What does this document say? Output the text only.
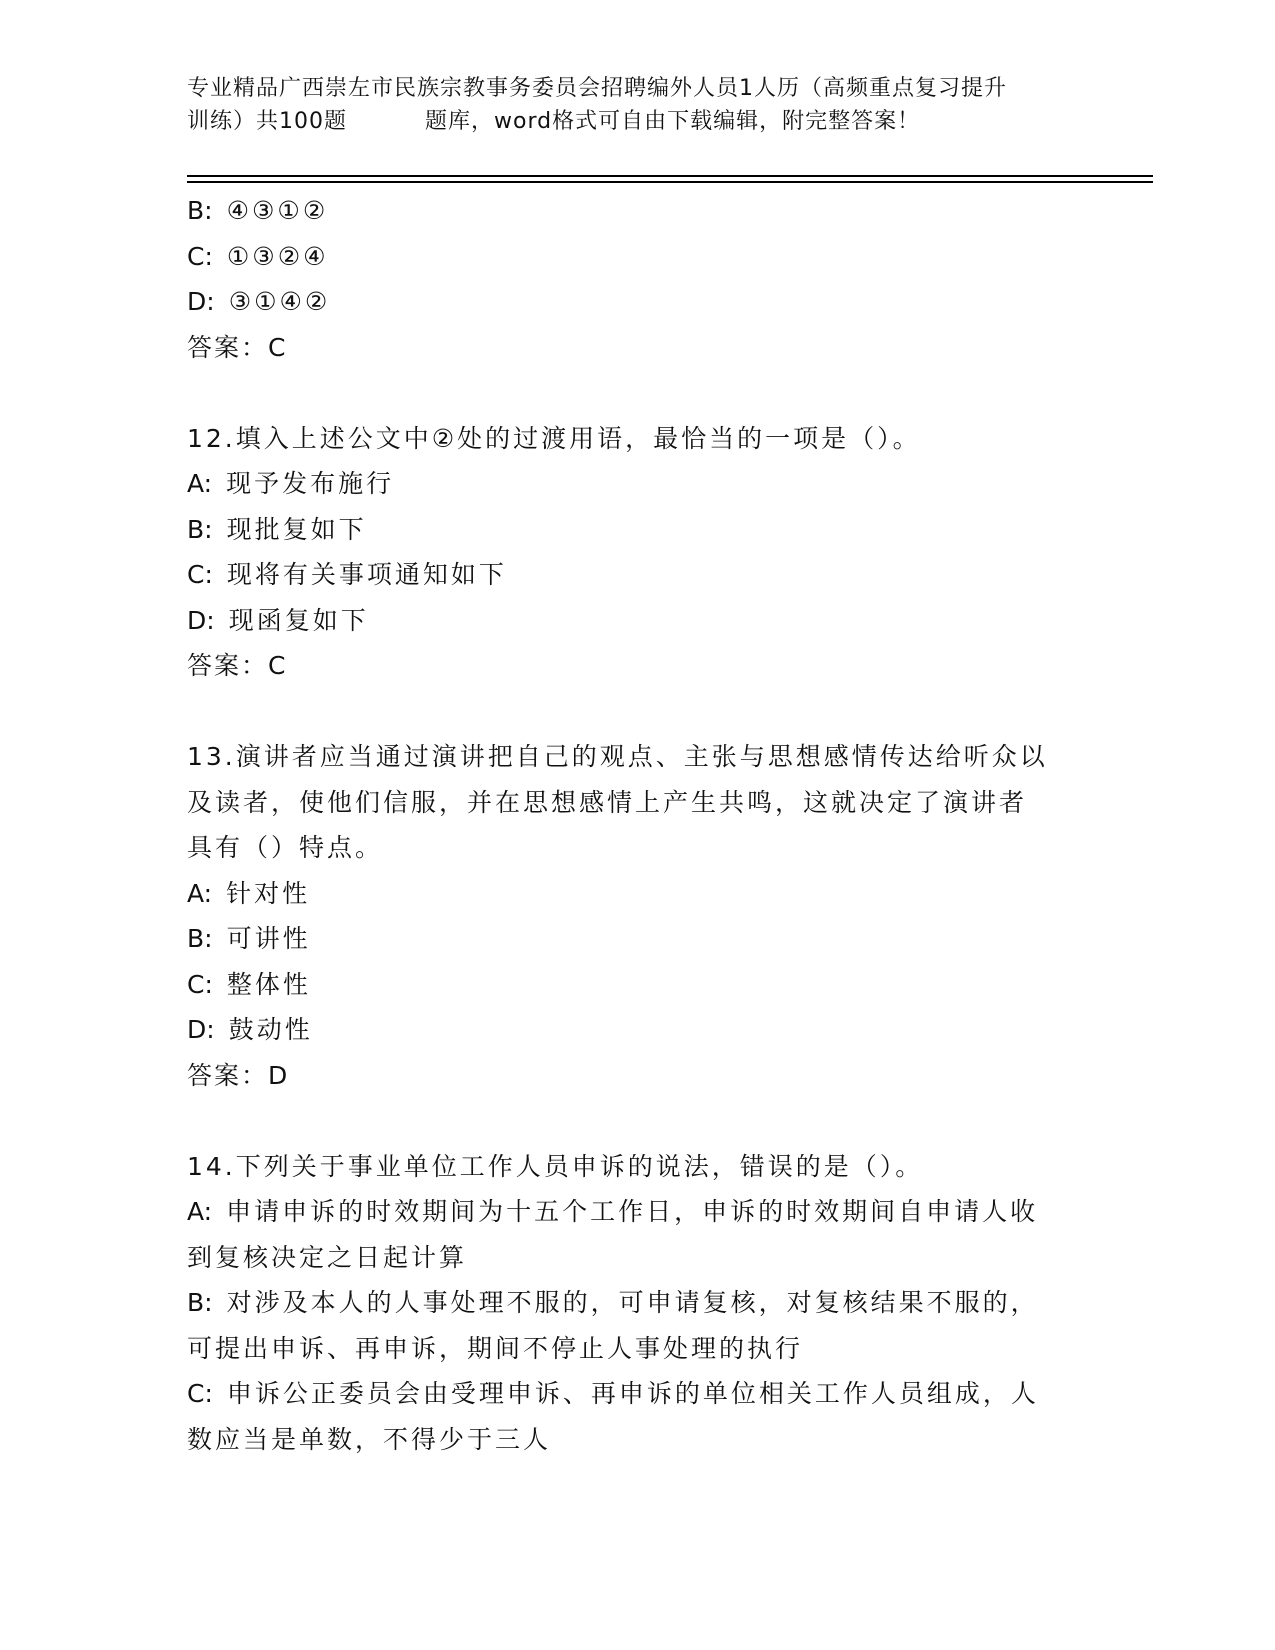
专业精品广西崇左市民族宗教事务委员会招聘编外人员1人历（高频重点复习提升
训练）共100题	题库，word格式可自由下载编辑，附完整答案！
B: ④③①②
C: ①③②④
D: ③①④②
答案：C
12.填入上述公文中②处的过渡用语，最恰当的一项是（）。
A: 现予发布施行
B: 现批复如下
C: 现将有关事项通知如下
D: 现函复如下
答案：C
13.演讲者应当通过演讲把自己的观点、主张与思想感情传达给听众以
及读者，使他们信服，并在思想感情上产生共鸣，这就决定了演讲者
具有（）特点。
A: 针对性
B: 可讲性
C: 整体性
D: 鼓动性
答案：D
14.下列关于事业单位工作人员申诉的说法，错误的是（）。
A: 申请申诉的时效期间为十五个工作日，申诉的时效期间自申请人收
到复核决定之日起计算
B: 对涉及本人的人事处理不服的，可申请复核，对复核结果不服的，
可提出申诉、再申诉，期间不停止人事处理的执行
C: 申诉公正委员会由受理申诉、再申诉的单位相关工作人员组成，人
数应当是单数，不得少于三人
